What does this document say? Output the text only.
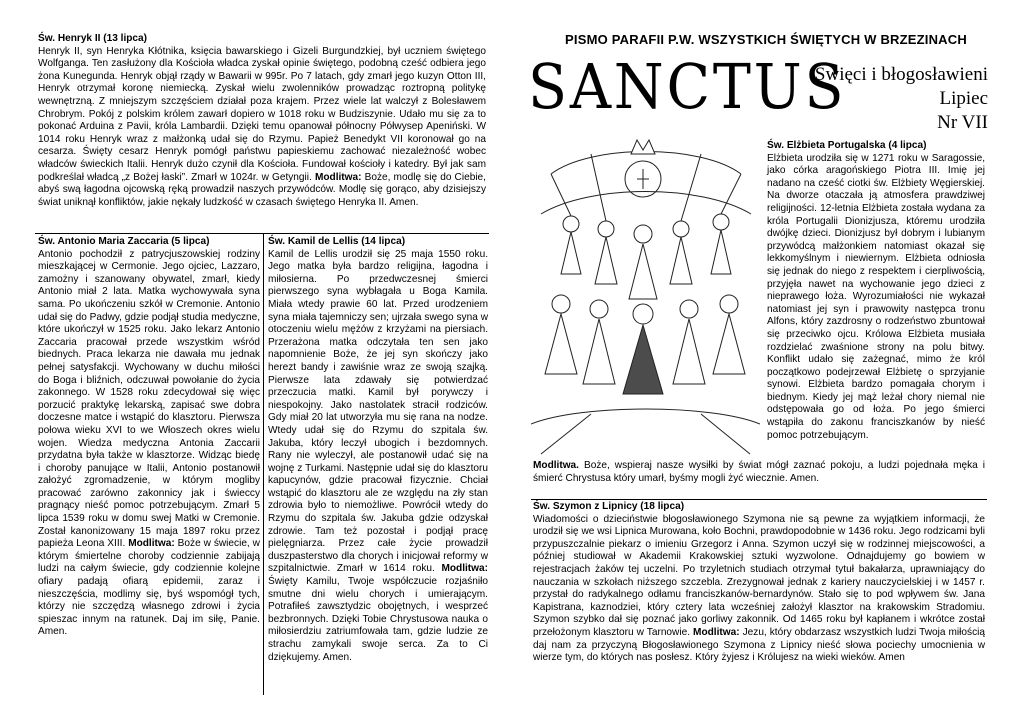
Św. Henryk II (13 lipca)
Henryk II, syn Henryka Kłótnika, księcia bawarskiego i Gizeli Burgundzkiej, był uczniem świętego Wolfganga. Ten zasłużony dla Kościoła władca zyskał opinie świętego, podobną cześć odbiera jego żona Kunegunda. Henryk objął rządy w Bawarii w 995r. Po 7 latach, gdy zmarł jego kuzyn Otton III, Henryk otrzymał koronę niemiecką. Zyskał wielu zwolenników prowadząc roztropną politykę wewnętrzną. Z mniejszym szczęściem działał poza krajem. Przez wiele lat walczył z Bolesławem Chrobrym. Pokój z polskim królem zawarł dopiero w 1018 roku w Budziszynie. Udało mu się za to pokonać Arduina z Pavii, króla Lambardii. Dzięki temu opanował północny Półwysep Apeniński. W 1014 roku Henryk wraz z małżonką udał się do Rzymu. Papież Benedykt VII koronował go na cesarza. Święty cesarz Henryk pomógł państwu papieskiemu zachować niezależność wobec władców świeckich Italii. Henryk dużo czynił dla Kościoła. Fundował kościoły i katedry. Był jak sam podkreślał władcą „z Bożej łaski”. Zmarł w 1024r. w Getyngii. Modlitwa: Boże, modlę się do Ciebie, abyś swą łagodna ojcowską ręką prowadził naszych przywódców. Modlę się gorąco, aby dzisiejszy świat uniknął konfliktów, jakie nękały ludzkość w czasach świętego Henryka II. Amen.
Św. Antonio Maria Zaccaria (5 lipca)
Antonio pochodził z patrycjuszowskiej rodziny mieszkającej w Cermonie. Jego ojciec, Lazzaro, zamożny i szanowany obywatel, zmarł, kiedy Antonio miał 2 lata. Matka wychowywała syna sama. Po ukończeniu szkół w Cremonie. Antonio udał się do Padwy, gdzie podjął studia medyczne, które ukończył w 1525 roku. Jako lekarz Antonio Zaccaria pracował przede wszystkim wśród biednych. Praca lekarza nie dawała mu jednak pełnej satysfakcji. Wychowany w duchu miłości do Boga i bliźnich, odczuwał powołanie do życia zakonnego. W 1528 roku zdecydował się więc porzucić praktykę lekarską, zapisać swe dobra doczesne matce i wstąpić do klasztoru. Pierwsza połowa wieku XVI to we Włoszech okres wielu wojen. Wiedza medyczna Antonia Zaccarii przydatna była także w klasztorze. Widząc biedę i choroby panujące w Italii, Antonio postanowił założyć zgromadzenie, w którym mogliby pracować zarówno zakonnicy jak i świeccy pragnący nieść pomoc potrzebującym. Zmarł 5 lipca 1539 roku w domu swej Matki w Cremonie. Został kanonizowany 15 maja 1897 roku przez papieża Leona XIII. Modlitwa: Boże w świecie, w którym śmiertelne choroby codziennie zabijają ludzi na całym świecie, gdy codziennie kolejne ofiary padają ofiarą epidemii, zaraz i nieszczęścia, modlimy się, byś wspomógł tych, którzy nie szczędzą własnego zdrowi i życia spieszac innym na ratunek. Daj im siłę, Panie. Amen.
Św. Kamil de Lellis (14 lipca)
Kamil de Lellis urodził się 25 maja 1550 roku. Jego matka była bardzo religijna, łagodna i miłosierna. Po przedwczesnej śmierci pierwszego syna wybłagała u Boga Kamila. Miała wtedy prawie 60 lat. Przed urodzeniem syna miała tajemniczy sen; ujrzała swego syna w otoczeniu wielu mężów z krzyżami na piersiach. Przerażona matka odczytała ten sen jako napomnienie Boże, że jej syn skończy jako herezt bandy i zawiśnie wraz ze swoją szajką. Pierwsze lata zdawały się potwierdzać przeczucia matki. Kamil był porywczy i niespokojny. Jako nastolatek stracił rodziców. Gdy miał 20 lat utworzyła mu się rana na nodze. Wtedy udał się do Rzymu do szpitala św. Jakuba, który leczył ubogich i bezdomnych. Rany nie wyleczył, ale postanowił udać się na wojnę z Turkami. Następnie udał się do klasztoru kapucynów, gdzie pracował fizycznie. Chciał wstąpić do klasztoru ale ze względu na zły stan zdrowia było to niemożliwe. Powrócił wtedy do Rzymu do szpitala św. Jakuba gdzie odzyskał zdrowie. Tam też pozostał i podjął pracę pielęgniarza. Przez całe życie prowadził duszpasterstwo dla chorych i inicjował reformy w szpitalnictwie. Zmarł w 1614 roku. Modlitwa: Święty Kamilu, Twoje współczucie rozjaśniło smutne dni wielu chorych i umierającym. Potrafiłeś zawsztydzic obojętnych, i wesprzeć bezbronnych. Dzięki Tobie Chrystusowa nauka o miłosierdziu zatriumfowała tam, gdzie ludzie ze strachu zamykali swoje serca. Za to Ci dziękujemy. Amen.
PISMO PARAFII P.W. WSZYSTKICH ŚWIĘTYCH W BRZEZINACH
SANCTUS
Święci i błogosławieni
Lipiec
Nr VII
Św. Elżbieta Portugalska (4 lipca)
Elżbieta urodziła się w 1271 roku w Saragossie, jako córka aragońskiego Piotra III. Imię jej nadano na cześć ciotki św. Elżbiety Węgierskiej. Na dworze otaczała ją atmosfera prawdziwej religijności. 12-letnia Elżbieta została wydana za króla Portugalii Dionizjusza, któremu urodziła dwójkę dzieci. Dionizjusz był dobrym i lubianym przywódcą małżonkiem natomiast okazał się lekkomyślnym i niewiernym. Elżbieta odniosła się jednak do niego z respektem i cierpliwością, przyjęła nawet na wychowanie jego dzieci z nieprawego łoża. Wyrozumiałości nie wykazał natomiast jej syn i prawowity następca tronu Alfons, który zazdrosny o rodzeństwo zbuntował się przeciwko ojcu. Królowa Elżbieta musiała rozdzielać zwaśnione strony na polu bitwy. Konflikt udało się zażegnać, mimo że król początkowo podejrzewał Elżbietę o sprzyjanie synowi. Elżbieta bardzo pomagała chorym i biednym. Kiedy jej mąż leżał chory niemal nie odstępowała go od łoża. Po jego śmierci wstąpiła do zakonu franciszkanów by nieść pomoc potrzebującym.
Modlitwa. Boże, wspieraj nasze wysiłki by świat mógł zaznać pokoju, a ludzi pojednała męka i śmierć Chrystusa który umarł, byśmy mogli żyć wiecznie. Amen.
Św. Szymon z Lipnicy (18 lipca)
Wiadomości o dzieciństwie błogosławionego Szymona nie są pewne za wyjątkiem informacji, że urodził się we wsi Lipnica Murowana, koło Bochni, prawdopodobnie w 1436 roku. Jego rodzicami byli przypuszczalnie piekarz o imieniu Grzegorz i Anna. Szymon uczył się w rodzinnej miejscowości, a później studiował w Akademii Krakowskiej sztuki wyzwolone. Odnajdujemy go bowiem w rejestracjach żaków tej uczelni. Po trzyletnich studiach otrzymał tytuł bakałarza, uprawniający do nauczania w szkołach niższego szczebla. Zrezygnował jednak z kariery nauczycielskiej i w 1457 r. przystał do radykalnego odłamu franciszkanów-bernardynów. Stało się to pod wpływem św. Jana Kapistrana, kaznodziei, który cztery lata wcześniej założył klasztor na krakowskim Stradomiu. Szymon szybko dał się poznać jako gorliwy zakonnik. Od 1465 roku był kapłanem i wkrótce został przełożonym klasztoru w Tarnowie. Modlitwa: Jezu, który obdarzasz wszystkich ludzi Twoja miłością daj nam za przyczyną Błogosławionego Szymona z Lipnicy nieść słowa pociechy umocnienia w wierze tym, do których nas posłesz. Który żyjesz i Królujesz na wieki wieków. Amen
